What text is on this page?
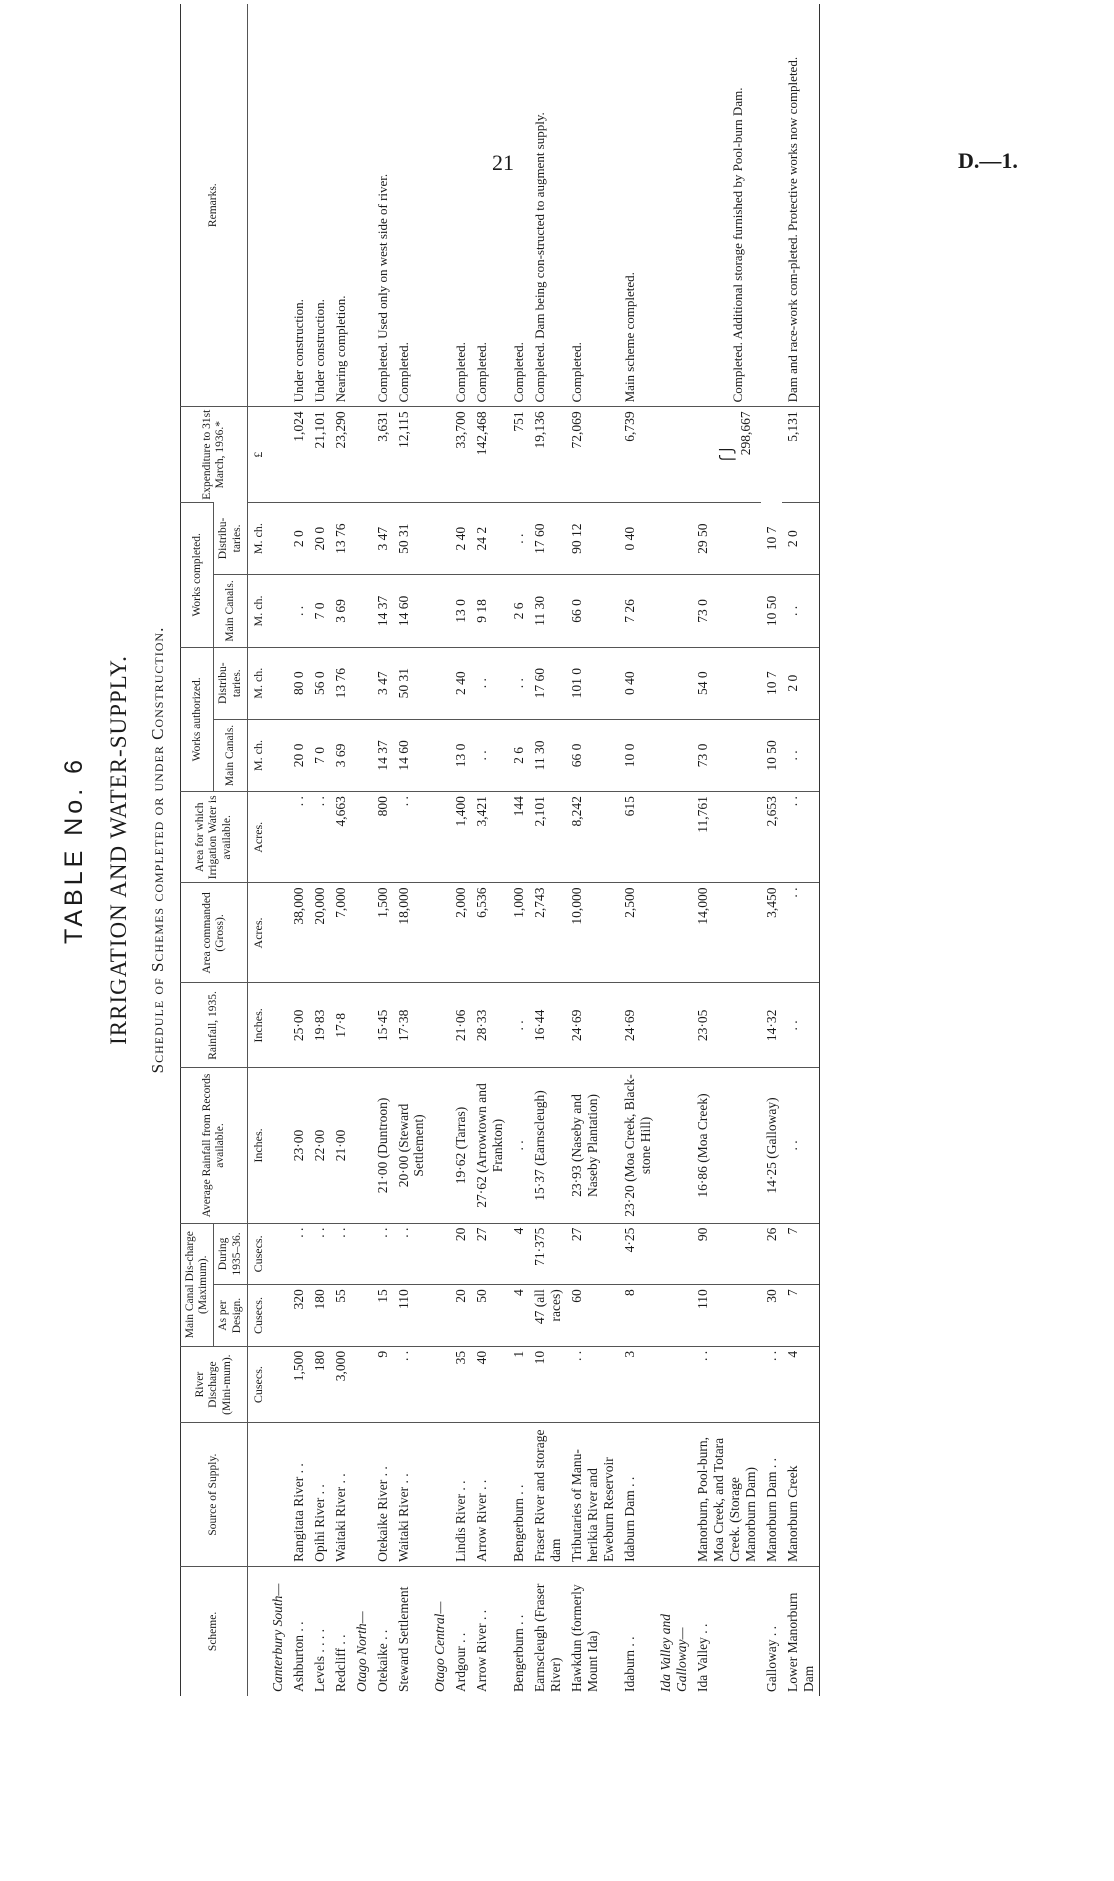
21	D.—1.
TABLE No. 6 IRRIGATION AND WATER-SUPPLY. Schedule of Schemes completed or under Construction.
Scheme.	Source of Supply.	River Discharge (Mini-mum).	Main Canal Dis-charge (Maximum).		Average Rainfall from Records available.	Rainfall, 1935.	Area commanded (Gross).	Area for which Irrigation Water is available.	Works authorized.		Works completed.		Expenditure to 31st March, 1936.*	Remarks.
			As per Design.	During 1935–36.					Main Canals.	Distribu-taries.	Main Canals.	Distribu-taries.		
		Cusecs.	Cusecs.	Cusecs.	Inches.	Inches.	Acres.	Acres.	M. ch.	M. ch.	M. ch.	M. ch.	£	
Canterbury South—														
Ashburton . .	Rangitata River . .	1,500	320	. .	23·00	25·00	38,000	. .	20 0	80 0	. .	2 0	1,024	Under construction.
Levels . . . .	Opihi River . .	180	180	. .	22·00	19·83	20,000	. .	7 0	56 0	7 0	20 0	21,101	Under construction.
Redcliff . .	Waitaki River . .	3,000	55	. .	21·00	17·8	7,000	4,663	3 69	13 76	3 69	13 76	23,290	Nearing completion.
Otago North—														
Otekaike . .	Otekaike River . .	9	15	. .	21·00 (Duntroon)	15·45	1,500	800	14 37	3 47	14 37	3 47	3,631	Completed. Used only on west side of river.
Steward Settlement	Waitaki River . .	. .	110	. .	20·00 (Steward Settlement)	17·38	18,000	. .	14 60	50 31	14 60	50 31	12,115	Completed.
Otago Central—														
Ardgour . .	Lindis River . .	35	20	20	19·62 (Tarras)	21·06	2,000	1,400	13 0	2 40	13 0	2 40	33,700	Completed.
Arrow River . .	Arrow River . .	40	50	27	27·62 (Arrowtown and Frankton)	28·33	6,536	3,421	. .	. .	9 18	24 2	142,468	Completed.
Bengerburn . .	Bengerburn . .	1	4	4	. .	. .	1,000	144	2 6	. .	2 6	. .	751	Completed.
Earnscleugh (Fraser River)	Fraser River and storage dam	10	47 (all races)	71·375	15·37 (Earnscleugh)	16·44	2,743	2,101	11 30	17 60	11 30	17 60	19,136	Completed. Dam being con-structed to augment supply.
Hawkdun (formerly Mount Ida)	Tributaries of Manu-herikia River and Eweburn Reservoir	. .	60	27	23·93 (Naseby and Naseby Plantation)	24·69	10,000	8,242	66 0	101 0	66 0	90 12	72,069	Completed.
Idaburn . .	Idaburn Dam . .	3	8	4·25	23·20 (Moa Creek, Black-stone Hill)	24·69	2,500	615	10 0	0 40	7 26	0 40	6,739	Main scheme completed.
Ida Valley and Galloway—														
Ida Valley . .	Manorburn, Pool-burn, Moa Creek, and Totara Creek. (Storage Manorburn Dam)	. .	110	90	16·86 (Moa Creek)	23·05	14,000	11,761	73 0	54 0	73 0	29 50	⎧⎭ 298,667	Completed. Additional storage furnished by Pool-burn Dam.
Galloway . .	Manorburn Dam . .	. .	30	26	14·25 (Galloway)	14·32	3,450	2,653	10 50	10 7	10 50	10 7		
Lower Manorburn Dam	Manorburn Creek	4	7	7	. .	. .	. .	. .	. .	2 0	. .	2 0	5,131	Dam and race-work com-pleted. Protective works now completed.
